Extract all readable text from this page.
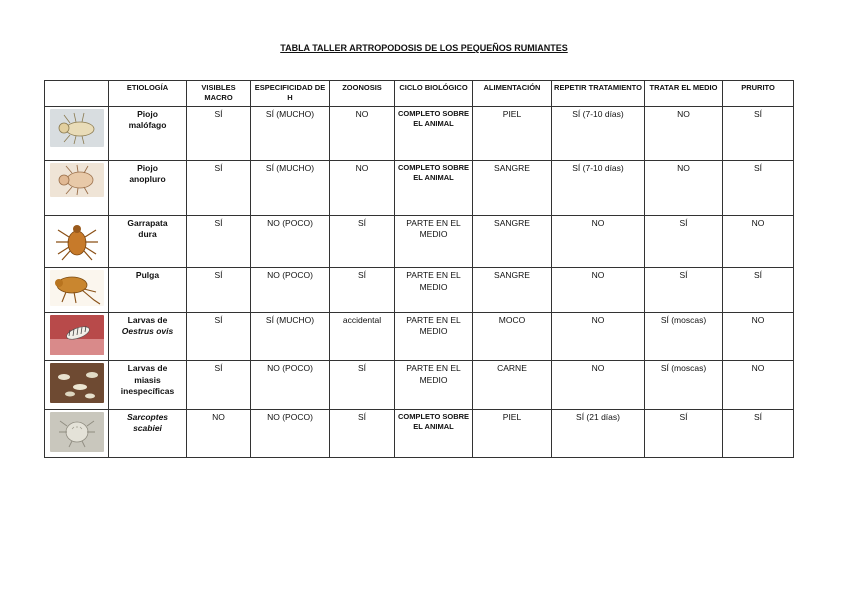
TABLA TALLER ARTROPODOSIS DE LOS PEQUEÑOS RUMIANTES
	ETIOLOGÍA	VISIBLES MACRO	ESPECIFICIDAD DE H	ZOONOSIS	CICLO BIOLÓGICO	ALIMENTACIÓN	REPETIR TRATAMIENTO	TRATAR EL MEDIO	PRURITO
	Piojo
malófago	SÍ	SÍ (MUCHO)	NO	COMPLETO SOBRE EL ANIMAL	PIEL	SÍ (7-10 días)	NO	SÍ
	Piojo
anopluro	SÍ	SÍ (MUCHO)	NO	COMPLETO SOBRE EL ANIMAL	SANGRE	SÍ (7-10 días)	NO	SÍ
	Garrapata
dura	SÍ	NO (POCO)	SÍ	PARTE EN EL MEDIO	SANGRE	NO	SÍ	NO
	Pulga	SÍ	NO (POCO)	SÍ	PARTE EN EL MEDIO	SANGRE	NO	SÍ	SÍ
	Larvas de
Oestrus ovis	SÍ	SÍ (MUCHO)	accidental	PARTE EN EL MEDIO	MOCO	NO	SÍ (moscas)	NO
	Larvas de
miasis
inespecíficas	SÍ	NO (POCO)	SÍ	PARTE EN EL MEDIO	CARNE	NO	SÍ (moscas)	NO
	Sarcoptes
scabiei	NO	NO (POCO)	SÍ	COMPLETO SOBRE EL ANIMAL	PIEL	SÍ (21 días)	SÍ	SÍ
